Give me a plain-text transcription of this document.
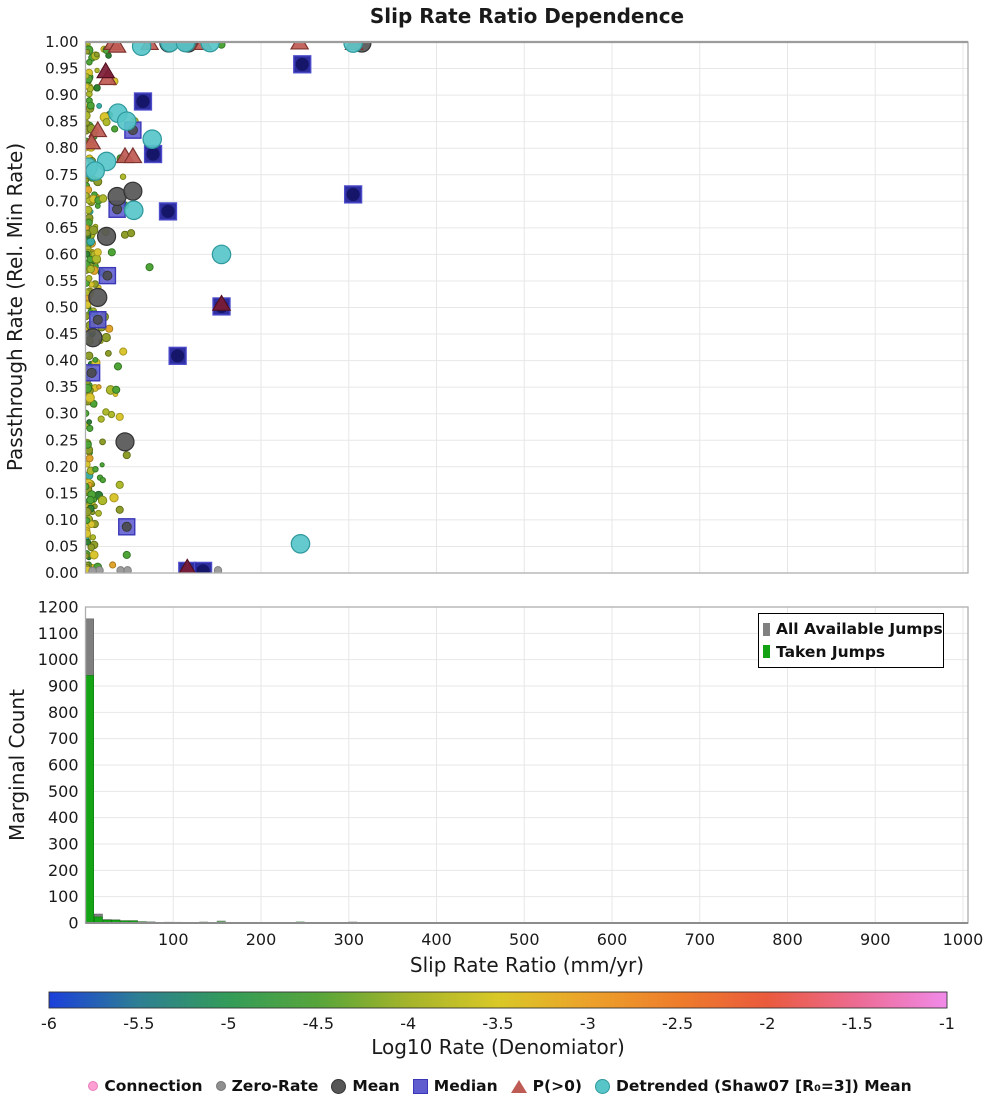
Slip Rate Ratio Dependence
0.00
0.05
0.10
0.15
0.20
0.25
0.30
0.35
0.40
0.45
0.50
0.55
0.60
0.65
0.70
0.75
0.80
0.85
0.90
0.95
1.00
0
100
200
300
400
500
600
700
800
900
1000
1100
1200
100	200	300	400	500	600	700	800	900	1000
-6	-5.5	-5	-4.5	-4	-3.5	-3	-2.5	-2	-1.5	-1
Passthrough Rate (Rel. Min Rate)
Marginal Count
Slip Rate Ratio (mm/yr)
Log10 Rate (Denomiator)
All Available Jumps
Taken Jumps
Connection Zero-Rate Mean Median P(>0) Detrended (Shaw07 [R₀=3]) Mean
